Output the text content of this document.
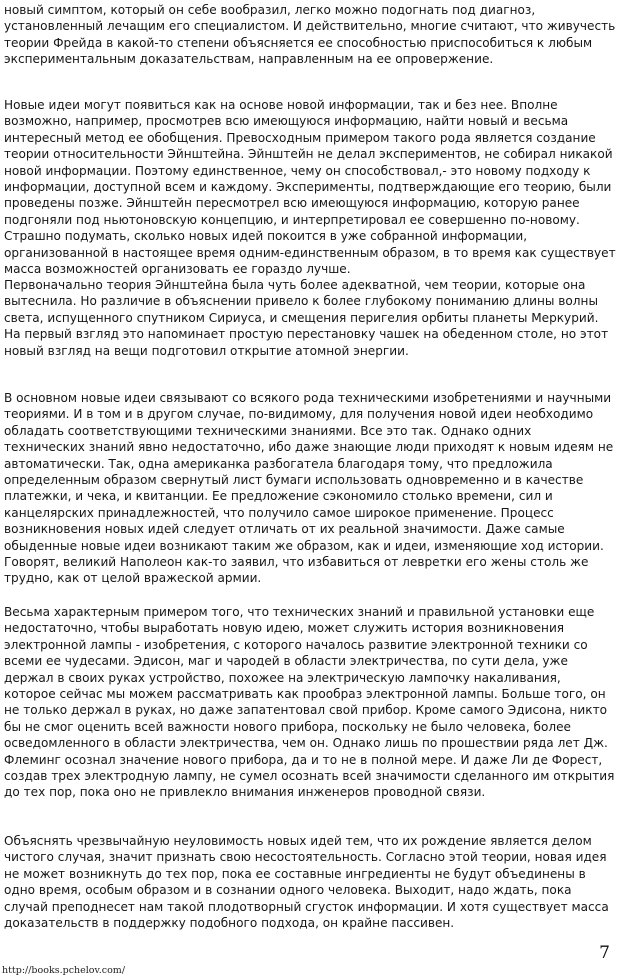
новый симптом, который он себе вообразил, легко можно подогнать под диагноз, установленный лечащим его специалистом. И действительно, многие считают, что живучесть теории Фрейда в какой-то степени объясняется ее способностью приспособиться к любым экспериментальным доказательствам, направленным на ее опровержение.

Новые идеи могут появиться как на основе новой информации, так и без нее. Вполне возможно, например, просмотрев всю имеющуюся информацию, найти новый и весьма интересный метод ее обобщения. Превосходным примером такого рода является создание теории относительности Эйнштейна. Эйнштейн не делал экспериментов, не собирал никакой новой информации. Поэтому единственное, чему он способствовал,- это новому подходу к информации, доступной всем и каждому. Эксперименты, подтверждающие его теорию, были проведены позже. Эйнштейн пересмотрел всю имеющуюся информацию, которую ранее подгоняли под ньютоновскую концепцию, и интерпретировал ее совершенно по-новому. Страшно подумать, сколько новых идей покоится в уже собранной информации, организованной в настоящее время одним-единственным образом, в то время как существует масса возможностей организовать ее гораздо лучше.

Первоначально теория Эйнштейна была чуть более адекватной, чем теории, которые она вытеснила. Но различие в объяснении привело к более глубокому пониманию длины волны света, испущенного спутником Сириуса, и смещения перигелия орбиты планеты Меркурий. На первый взгляд это напоминает простую перестановку чашек на обеденном столе, но этот новый взгляд на вещи подготовил открытие атомной энергии.

В основном новые идеи связывают со всякого рода техническими изобретениями и научными теориями. И в том и в другом случае, по-видимому, для получения новой идеи необходимо обладать соответствующими техническими знаниями. Все это так. Однако одних технических знаний явно недостаточно, ибо даже знающие люди приходят к новым идеям не автоматически. Так, одна американка разбогатела благодаря тому, что предложила определенным образом свернутый лист бумаги использовать одновременно и в качестве платежки, и чека, и квитанции. Ее предложение сэкономило столько времени, сил и канцелярских принадлежностей, что получило самое широкое применение. Процесс возникновения новых идей следует отличать от их реальной значимости. Даже самые обыденные новые идеи возникают таким же образом, как и идеи, изменяющие ход истории. Говорят, великий Наполеон как-то заявил, что избавиться от левретки его жены столь же трудно, как от целой вражеской армии.

Весьма характерным примером того, что технических знаний и правильной установки еще недостаточно, чтобы выработать новую идею, может служить история возникновения электронной лампы - изобретения, с которого началось развитие электронной техники со всеми ее чудесами. Эдисон, маг и чародей в области электричества, по сути дела, уже держал в своих руках устройство, похожее на электрическую лампочку накаливания, которое сейчас мы можем рассматривать как прообраз электронной лампы. Больше того, он не только держал в руках, но даже запатентовал свой прибор. Кроме самого Эдисона, никто бы не смог оценить всей важности нового прибора, поскольку не было человека, более осведомленного в области электричества, чем он. Однако лишь по прошествии ряда лет Дж. Флеминг осознал значение нового прибора, да и то не в полной мере. И даже Ли де Форест, создав трех электродную лампу, не сумел осознать всей значимости сделанного им открытия до тех пор, пока оно не привлекло внимания инженеров проводной связи.

Объяснять чрезвычайную неуловимость новых идей тем, что их рождение является делом чистого случая, значит признать свою несостоятельность. Согласно этой теории, новая идея не может возникнуть до тех пор, пока ее составные ингредиенты не будут объединены в одно время, особым образом и в сознании одного человека. Выходит, надо ждать, пока случай преподнесет нам такой плодотворный сгусток информации. И хотя существует масса доказательств в поддержку подобного подхода, он крайне пассивен.

7
http://books.pchelov.com/
